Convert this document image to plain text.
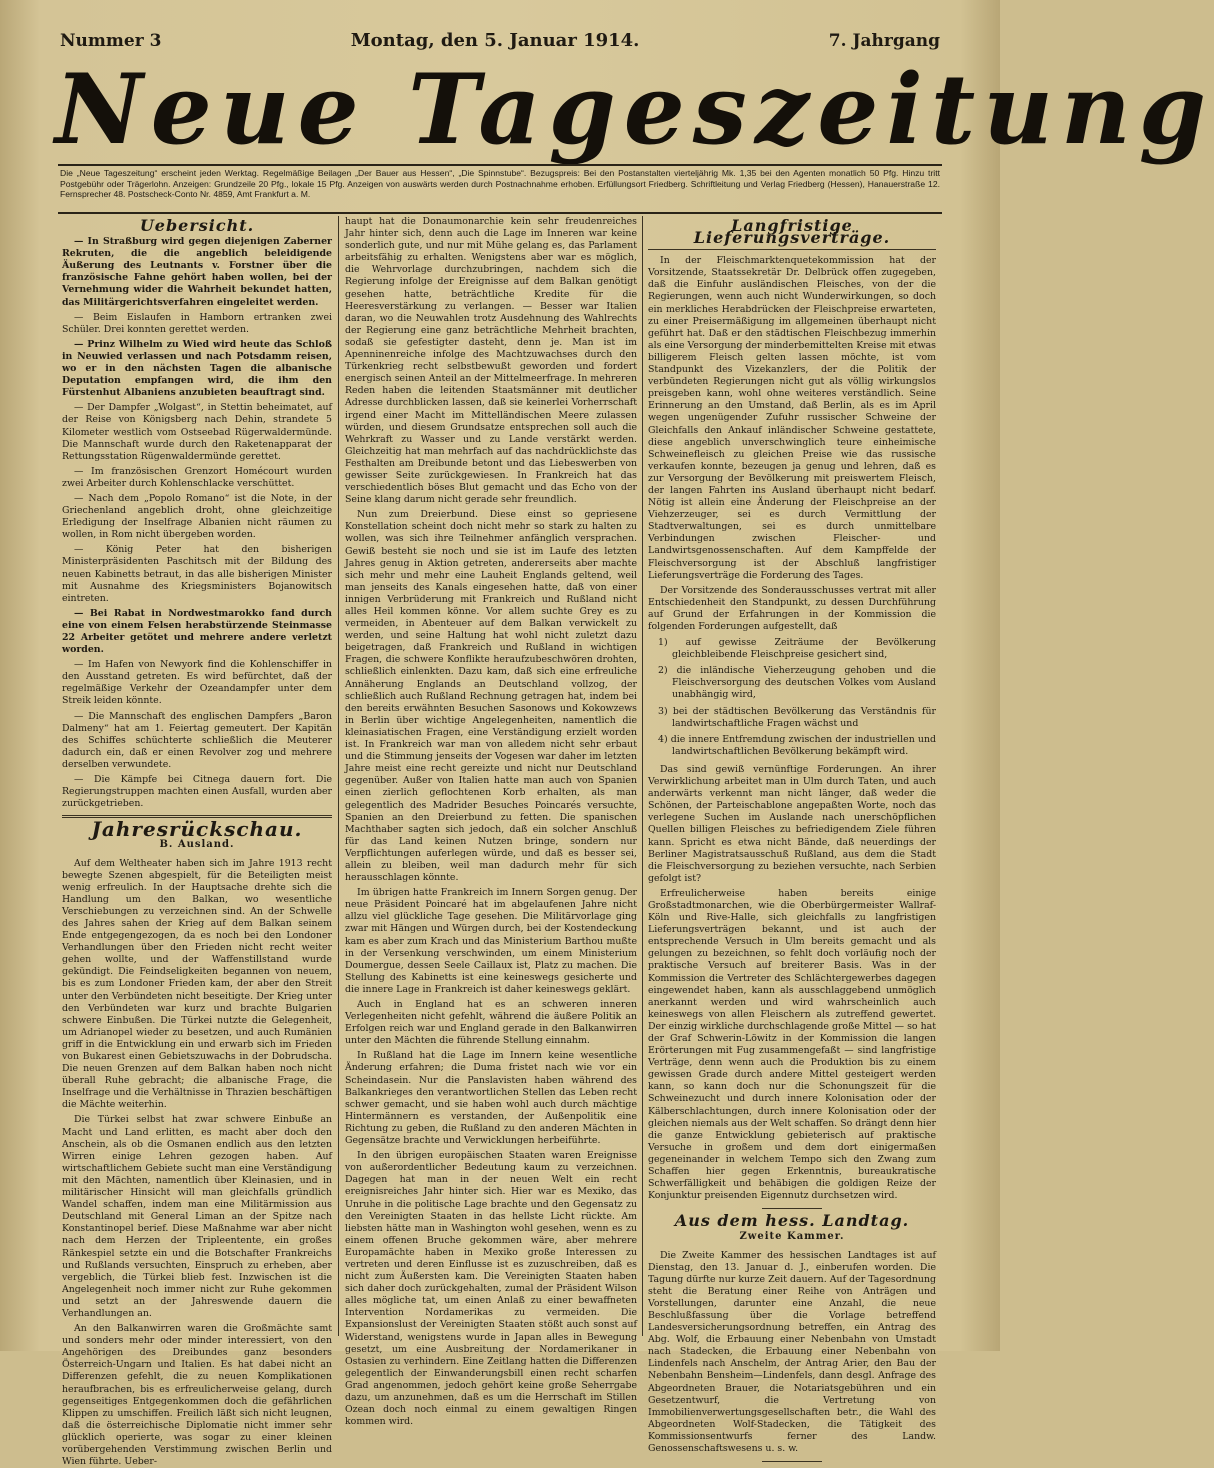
Nummer 3	Montag, den 5. Januar 1914.	7. Jahrgang
Neue Tageszeitung
Die „Neue Tageszeitung“ erscheint jeden Werktag. Regelmäßige Beilagen „Der Bauer aus Hessen“, „Die Spinnstube“. Bezugspreis: Bei den Postanstalten vierteljährig Mk. 1,35 bei den Agenten monatlich 50 Pfg. Hinzu tritt Postgebühr oder Trägerlohn. Anzeigen: Grundzeile 20 Pfg., lokale 15 Pfg. Anzeigen von auswärts werden durch Postnachnahme erhoben. Erfüllungsort Friedberg. Schriftleitung und Verlag Friedberg (Hessen), Hanauerstraße 12. Fernsprecher 48. Postscheck-Conto Nr. 4859, Amt Frankfurt a. M.
Uebersicht.

— In Straßburg wird gegen diejenigen Zaberner Rekruten, die die angeblich beleidigende Äußerung des Leutnants v. Forstner über die französische Fahne gehört haben wollen, bei der Vernehmung wider die Wahrheit bekundet hatten, das Militärgerichtsverfahren eingeleitet werden.

— Beim Eislaufen in Hamborn ertranken zwei Schüler. Drei konnten gerettet werden.

— Prinz Wilhelm zu Wied wird heute das Schloß in Neuwied verlassen und nach Potsdamm reisen, wo er in den nächsten Tagen die albanische Deputation empfangen wird, die ihm den Fürstenhut Albaniens anzubieten beauftragt sind.

— Der Dampfer „Wolgast“, in Stettin beheimatet, auf der Reise von Königsberg nach Dehin, strandete 5 Kilometer westlich vom Ostseebad Rügerwaldermünde. Die Mannschaft wurde durch den Raketenapparat der Rettungsstation Rügenwaldermünde gerettet.

— Im französischen Grenzort Homécourt wurden zwei Arbeiter durch Kohlenschlacke verschüttet.

— Nach dem „Popolo Romano“ ist die Note, in der Griechenland angeblich droht, ohne gleichzeitige Erledigung der Inselfrage Albanien nicht räumen zu wollen, in Rom nicht übergeben worden.

— König Peter hat den bisherigen Ministerpräsidenten Paschitsch mit der Bildung des neuen Kabinetts betraut, in das alle bisherigen Minister mit Ausnahme des Kriegsministers Bojanowitsch eintreten.

— Bei Rabat in Nordwestmarokko fand durch eine von einem Felsen herabstürzende Steinmasse 22 Arbeiter getötet und mehrere andere verletzt worden.

— Im Hafen von Newyork find die Kohlenschiffer in den Ausstand getreten. Es wird befürchtet, daß der regelmäßige Verkehr der Ozeandampfer unter dem Streik leiden könnte.

— Die Mannschaft des englischen Dampfers „Baron Dalmeny“ hat am 1. Feiertag gemeutert. Der Kapitän des Schiffes schüchterte schließlich die Meuterer dadurch ein, daß er einen Revolver zog und mehrere derselben verwundete.

— Die Kämpfe bei Citnega dauern fort. Die Regierungstruppen machten einen Ausfall, wurden aber zurückgetrieben.

Jahresrückschau.
B. Ausland.

Auf dem Weltheater haben sich im Jahre 1913 recht bewegte Szenen abgespielt, für die Beteiligten meist wenig erfreulich. In der Hauptsache drehte sich die Handlung um den Balkan, wo wesentliche Verschiebungen zu verzeichnen sind. An der Schwelle des Jahres sahen der Krieg auf dem Balkan seinem Ende entgegengezogen, da es noch bei den Londoner Verhandlungen über den Frieden nicht recht weiter gehen wollte, und der Waffenstillstand wurde gekündigt. Die Feindseligkeiten begannen von neuem, bis es zum Londoner Frieden kam, der aber den Streit unter den Verbündeten nicht beseitigte. Der Krieg unter den Verbündeten war kurz und brachte Bulgarien schwere Einbußen. Die Türkei nutzte die Gelegenheit, um Adrianopel wieder zu besetzen, und auch Rumänien griff in die Entwicklung ein und erwarb sich im Frieden von Bukarest einen Gebietszuwachs in der Dobrudscha. Die neuen Grenzen auf dem Balkan haben noch nicht überall Ruhe gebracht; die albanische Frage, die Inselfrage und die Verhältnisse in Thrazien beschäftigen die Mächte weiterhin.

Die Türkei selbst hat zwar schwere Einbuße an Macht und Land erlitten, es macht aber doch den Anschein, als ob die Osmanen endlich aus den letzten Wirren einige Lehren gezogen haben. Auf wirtschaftlichem Gebiete sucht man eine Verständigung mit den Mächten, namentlich über Kleinasien, und in militärischer Hinsicht will man gleichfalls gründlich Wandel schaffen, indem man eine Militärmission aus Deutschland mit General Liman an der Spitze nach Konstantinopel berief. Diese Maßnahme war aber nicht nach dem Herzen der Tripleentente, ein großes Ränkespiel setzte ein und die Botschafter Frankreichs und Rußlands versuchten, Einspruch zu erheben, aber vergeblich, die Türkei blieb fest. Inzwischen ist die Angelegenheit noch immer nicht zur Ruhe gekommen und setzt an der Jahreswende dauern die Verhandlungen an.

An den Balkanwirren waren die Großmächte samt und sonders mehr oder minder interessiert, von den Angehörigen des Dreibundes ganz besonders Österreich-Ungarn und Italien. Es hat dabei nicht an Differenzen gefehlt, die zu neuen Komplikationen heraufbrachen, bis es erfreulicherweise gelang, durch gegenseitiges Entgegenkommen doch die gefährlichen Klippen zu umschiffen. Freilich läßt sich nicht leugnen, daß die österreichische Diplomatie nicht immer sehr glücklich operierte, was sogar zu einer kleinen vorübergehenden Verstimmung zwischen Berlin und Wien führte. Ueber-

haupt hat die Donaumonarchie kein sehr freudenreiches Jahr hinter sich, denn auch die Lage im Inneren war keine sonderlich gute, und nur mit Mühe gelang es, das Parlament arbeitsfähig zu erhalten. Wenigstens aber war es möglich, die Wehrvorlage durchzubringen, nachdem sich die Regierung infolge der Ereignisse auf dem Balkan genötigt gesehen hatte, beträchtliche Kredite für die Heeresverstärkung zu verlangen. — Besser war Italien daran, wo die Neuwahlen trotz Ausdehnung des Wahlrechts der Regierung eine ganz beträchtliche Mehrheit brachten, sodaß sie gefestigter dasteht, denn je. Man ist im Apenninenreiche infolge des Machtzuwachses durch den Türkenkrieg recht selbstbewußt geworden und fordert energisch seinen Anteil an der Mittelmeerfrage. In mehreren Reden haben die leitenden Staatsmänner mit deutlicher Adresse durchblicken lassen, daß sie keinerlei Vorherrschaft irgend einer Macht im Mittelländischen Meere zulassen würden, und diesem Grundsatze entsprechen soll auch die Wehrkraft zu Wasser und zu Lande verstärkt werden. Gleichzeitig hat man mehrfach auf das nachdrücklichste das Festhalten am Dreibunde betont und das Liebeswerben von gewisser Seite zurückgewiesen. In Frankreich hat das verschiedentlich böses Blut gemacht und das Echo von der Seine klang darum nicht gerade sehr freundlich.

Nun zum Dreierbund. Diese einst so gepriesene Konstellation scheint doch nicht mehr so stark zu halten zu wollen, was sich ihre Teilnehmer anfänglich versprachen. Gewiß besteht sie noch und sie ist im Laufe des letzten Jahres genug in Aktion getreten, andererseits aber machte sich mehr und mehr eine Lauheit Englands geltend, weil man jenseits des Kanals eingesehen hatte, daß von einer innigen Verbrüderung mit Frankreich und Rußland nicht alles Heil kommen könne. Vor allem suchte Grey es zu vermeiden, in Abenteuer auf dem Balkan verwickelt zu werden, und seine Haltung hat wohl nicht zuletzt dazu beigetragen, daß Frankreich und Rußland in wichtigen Fragen, die schwere Konflikte heraufzubeschwören drohten, schließlich einlenkten. Dazu kam, daß sich eine erfreuliche Annäherung Englands an Deutschland vollzog, der schließlich auch Rußland Rechnung getragen hat, indem bei den bereits erwähnten Besuchen Sasonows und Kokowzews in Berlin über wichtige Angelegenheiten, namentlich die kleinasiatischen Fragen, eine Verständigung erzielt worden ist. In Frankreich war man von alledem nicht sehr erbaut und die Stimmung jenseits der Vogesen war daher im letzten Jahre meist eine recht gereizte und nicht nur Deutschland gegenüber. Außer von Italien hatte man auch von Spanien einen zierlich geflochtenen Korb erhalten, als man gelegentlich des Madrider Besuches Poincarés versuchte, Spanien an den Dreierbund zu fetten. Die spanischen Machthaber sagten sich jedoch, daß ein solcher Anschluß für das Land keinen Nutzen bringe, sondern nur Verpflichtungen auferlegen würde, und daß es besser sei, allein zu bleiben, weil man dadurch mehr für sich herausschlagen könnte.

Im übrigen hatte Frankreich im Innern Sorgen genug. Der neue Präsident Poincaré hat im abgelaufenen Jahre nicht allzu viel glückliche Tage gesehen. Die Militärvorlage ging zwar mit Hängen und Würgen durch, bei der Kostendeckung kam es aber zum Krach und das Ministerium Barthou mußte in der Versenkung verschwinden, um einem Ministerium Doumergue, dessen Seele Caillaux ist, Platz zu machen. Die Stellung des Kabinetts ist eine keineswegs gesicherte und die innere Lage in Frankreich ist daher keineswegs geklärt.

Auch in England hat es an schweren inneren Verlegenheiten nicht gefehlt, während die äußere Politik an Erfolgen reich war und England gerade in den Balkanwirren unter den Mächten die führende Stellung einnahm.

In Rußland hat die Lage im Innern keine wesentliche Änderung erfahren; die Duma fristet nach wie vor ein Scheindasein. Nur die Panslavisten haben während des Balkankrieges den verantwortlichen Stellen das Leben recht schwer gemacht, und sie haben wohl auch durch mächtige Hintermännern es verstanden, der Außenpolitik eine Richtung zu geben, die Rußland zu den anderen Mächten in Gegensätze brachte und Verwicklungen herbeiführte.

In den übrigen europäischen Staaten waren Ereignisse von außerordentlicher Bedeutung kaum zu verzeichnen. Dagegen hat man in der neuen Welt ein recht ereignisreiches Jahr hinter sich. Hier war es Mexiko, das Unruhe in die politische Lage brachte und den Gegensatz zu den Vereinigten Staaten in das hellste Licht rückte. Am liebsten hätte man in Washington wohl gesehen, wenn es zu einem offenen Bruche gekommen wäre, aber mehrere Europamächte haben in Mexiko große Interessen zu vertreten und deren Einflusse ist es zuzuschreiben, daß es nicht zum Äußersten kam. Die Vereinigten Staaten haben sich daher doch zurückgehalten, zumal der Präsident Wilson alles mögliche tat, um einen Anlaß zu einer bewaffneten Intervention Nordamerikas zu vermeiden. Die Expansionslust der Vereinigten Staaten stößt auch sonst auf Widerstand, wenigstens wurde in Japan alles in Bewegung gesetzt, um eine Ausbreitung der Nordamerikaner in Ostasien zu verhindern. Eine Zeitlang hatten die Differenzen gelegentlich der Einwanderungsbill einen recht scharfen Grad angenommen, jedoch gehört keine große Seherrgabe dazu, um anzunehmen, daß es um die Herrschaft im Stillen Ozean doch noch einmal zu einem gewaltigen Ringen kommen wird.

Langfristige Lieferungsverträge.

In der Fleischmarktenquetekommission hat der Vorsitzende, Staatssekretär Dr. Delbrück offen zugegeben, daß die Einfuhr ausländischen Fleisches, von der die Regierungen, wenn auch nicht Wunderwirkungen, so doch ein merkliches Herabdrücken der Fleischpreise erwarteten, zu einer Preisermäßigung im allgemeinen überhaupt nicht geführt hat. Daß er den städtischen Fleischbezug immerhin als eine Versorgung der minderbemittelten Kreise mit etwas billigerem Fleisch gelten lassen möchte, ist vom Standpunkt des Vizekanzlers, der die Politik der verbündeten Regierungen nicht gut als völlig wirkungslos preisgeben kann, wohl ohne weiteres verständlich. Seine Erinnerung an den Umstand, daß Berlin, als es im April wegen ungenügender Zufuhr russischer Schweine der Gleichfalls den Ankauf inländischer Schweine gestattete, diese angeblich unverschwinglich teure einheimische Schweinefleisch zu gleichen Preise wie das russische verkaufen konnte, bezeugen ja genug und lehren, daß es zur Versorgung der Bevölkerung mit preiswertem Fleisch, der langen Fahrten ins Ausland überhaupt nicht bedarf. Nötig ist allein eine Änderung der Fleischpreise an der Viehzerzeuger, sei es durch Vermittlung der Stadtverwaltungen, sei es durch unmittelbare Verbindungen zwischen Fleischer- und Landwirtsgenossenschaften. Auf dem Kampffelde der Fleischversorgung ist der Abschluß langfristiger Lieferungsverträge die Forderung des Tages.

Der Vorsitzende des Sonderausschusses vertrat mit aller Entschiedenheit den Standpunkt, zu dessen Durchführung auf Grund der Erfahrungen in der Kommission die folgenden Forderungen aufgestellt, daß

1) auf gewisse Zeiträume der Bevölkerung gleichbleibende Fleischpreise gesichert sind,
2) die inländische Vieherzeugung gehoben und die Fleischversorgung des deutschen Volkes vom Ausland unabhängig wird,
3) bei der städtischen Bevölkerung das Verständnis für landwirtschaftliche Fragen wächst und
4) die innere Entfremdung zwischen der industriellen und landwirtschaftlichen Bevölkerung bekämpft wird.

Das sind gewiß vernünftige Forderungen. An ihrer Verwirklichung arbeitet man in Ulm durch Taten, und auch anderwärts verkennt man nicht länger, daß weder die Schönen, der Parteischablone angepaßten Worte, noch das verlegene Suchen im Auslande nach unerschöpflichen Quellen billigen Fleisches zu befriedigendem Ziele führen kann. Spricht es etwa nicht Bände, daß neuerdings der Berliner Magistratsausschuß Rußland, aus dem die Stadt die Fleischversorgung zu beziehen versuchte, nach Serbien gefolgt ist?

Erfreulicherweise haben bereits einige Großstadtmonarchen, wie die Oberbürgermeister Wallraf-Köln und Rive-Halle, sich gleichfalls zu langfristigen Lieferungsverträgen bekannt, und ist auch der entsprechende Versuch in Ulm bereits gemacht und als gelungen zu bezeichnen, so fehlt doch vorläufig noch der praktische Versuch auf breiterer Basis. Was in der Kommission die Vertreter des Schlächtergewerbes dagegen eingewendet haben, kann als ausschlaggebend unmöglich anerkannt werden und wird wahrscheinlich auch keineswegs von allen Fleischern als zutreffend gewertet. Der einzig wirkliche durchschlagende große Mittel — so hat der Graf Schwerin-Löwitz in der Kommission die langen Erörterungen mit Fug zusammengefaßt — sind langfristige Verträge, denn wenn auch die Produktion bis zu einem gewissen Grade durch andere Mittel gesteigert werden kann, so kann doch nur die Schonungszeit für die Schweinezucht und durch innere Kolonisation oder der Kälberschlachtungen, durch innere Kolonisation oder der gleichen niemals aus der Welt schaffen. So drängt denn hier die ganze Entwicklung gebieterisch auf praktische Versuche in großem und dem dort einigermaßen gegeneinander in welchem Tempo sich den Zwang zum Schaffen hier gegen Erkenntnis, bureaukratische Schwerfälligkeit und behäbigen die goldigen Reize der Konjunktur preisenden Eigennutz durchsetzen wird.

Aus dem hess. Landtag.
Zweite Kammer.

Die Zweite Kammer des hessischen Landtages ist auf Dienstag, den 13. Januar d. J., einberufen worden. Die Tagung dürfte nur kurze Zeit dauern. Auf der Tagesordnung steht die Beratung einer Reihe von Anträgen und Vorstellungen, darunter eine Anzahl, die neue Beschlußfassung über die Vorlage betreffend Landesversicherungsordnung betreffen, ein Antrag des Abg. Wolf, die Erbauung einer Nebenbahn von Umstadt nach Stadecken, die Erbauung einer Nebenbahn von Lindenfels nach Anschelm, der Antrag Arier, den Bau der Nebenbahn Bensheim—Lindenfels, dann desgl. Anfrage des Abgeordneten Brauer, die Notariatsgebühren und ein Gesetzentwurf, die Vertretung von Immobilienverwertungsgesellschaften betr., die Wahl des Abgeordneten Wolf-Stadecken, die Tätigkeit des Kommissionsentwurfs ferner des Landw. Genossenschaftswesens u. s. w.
